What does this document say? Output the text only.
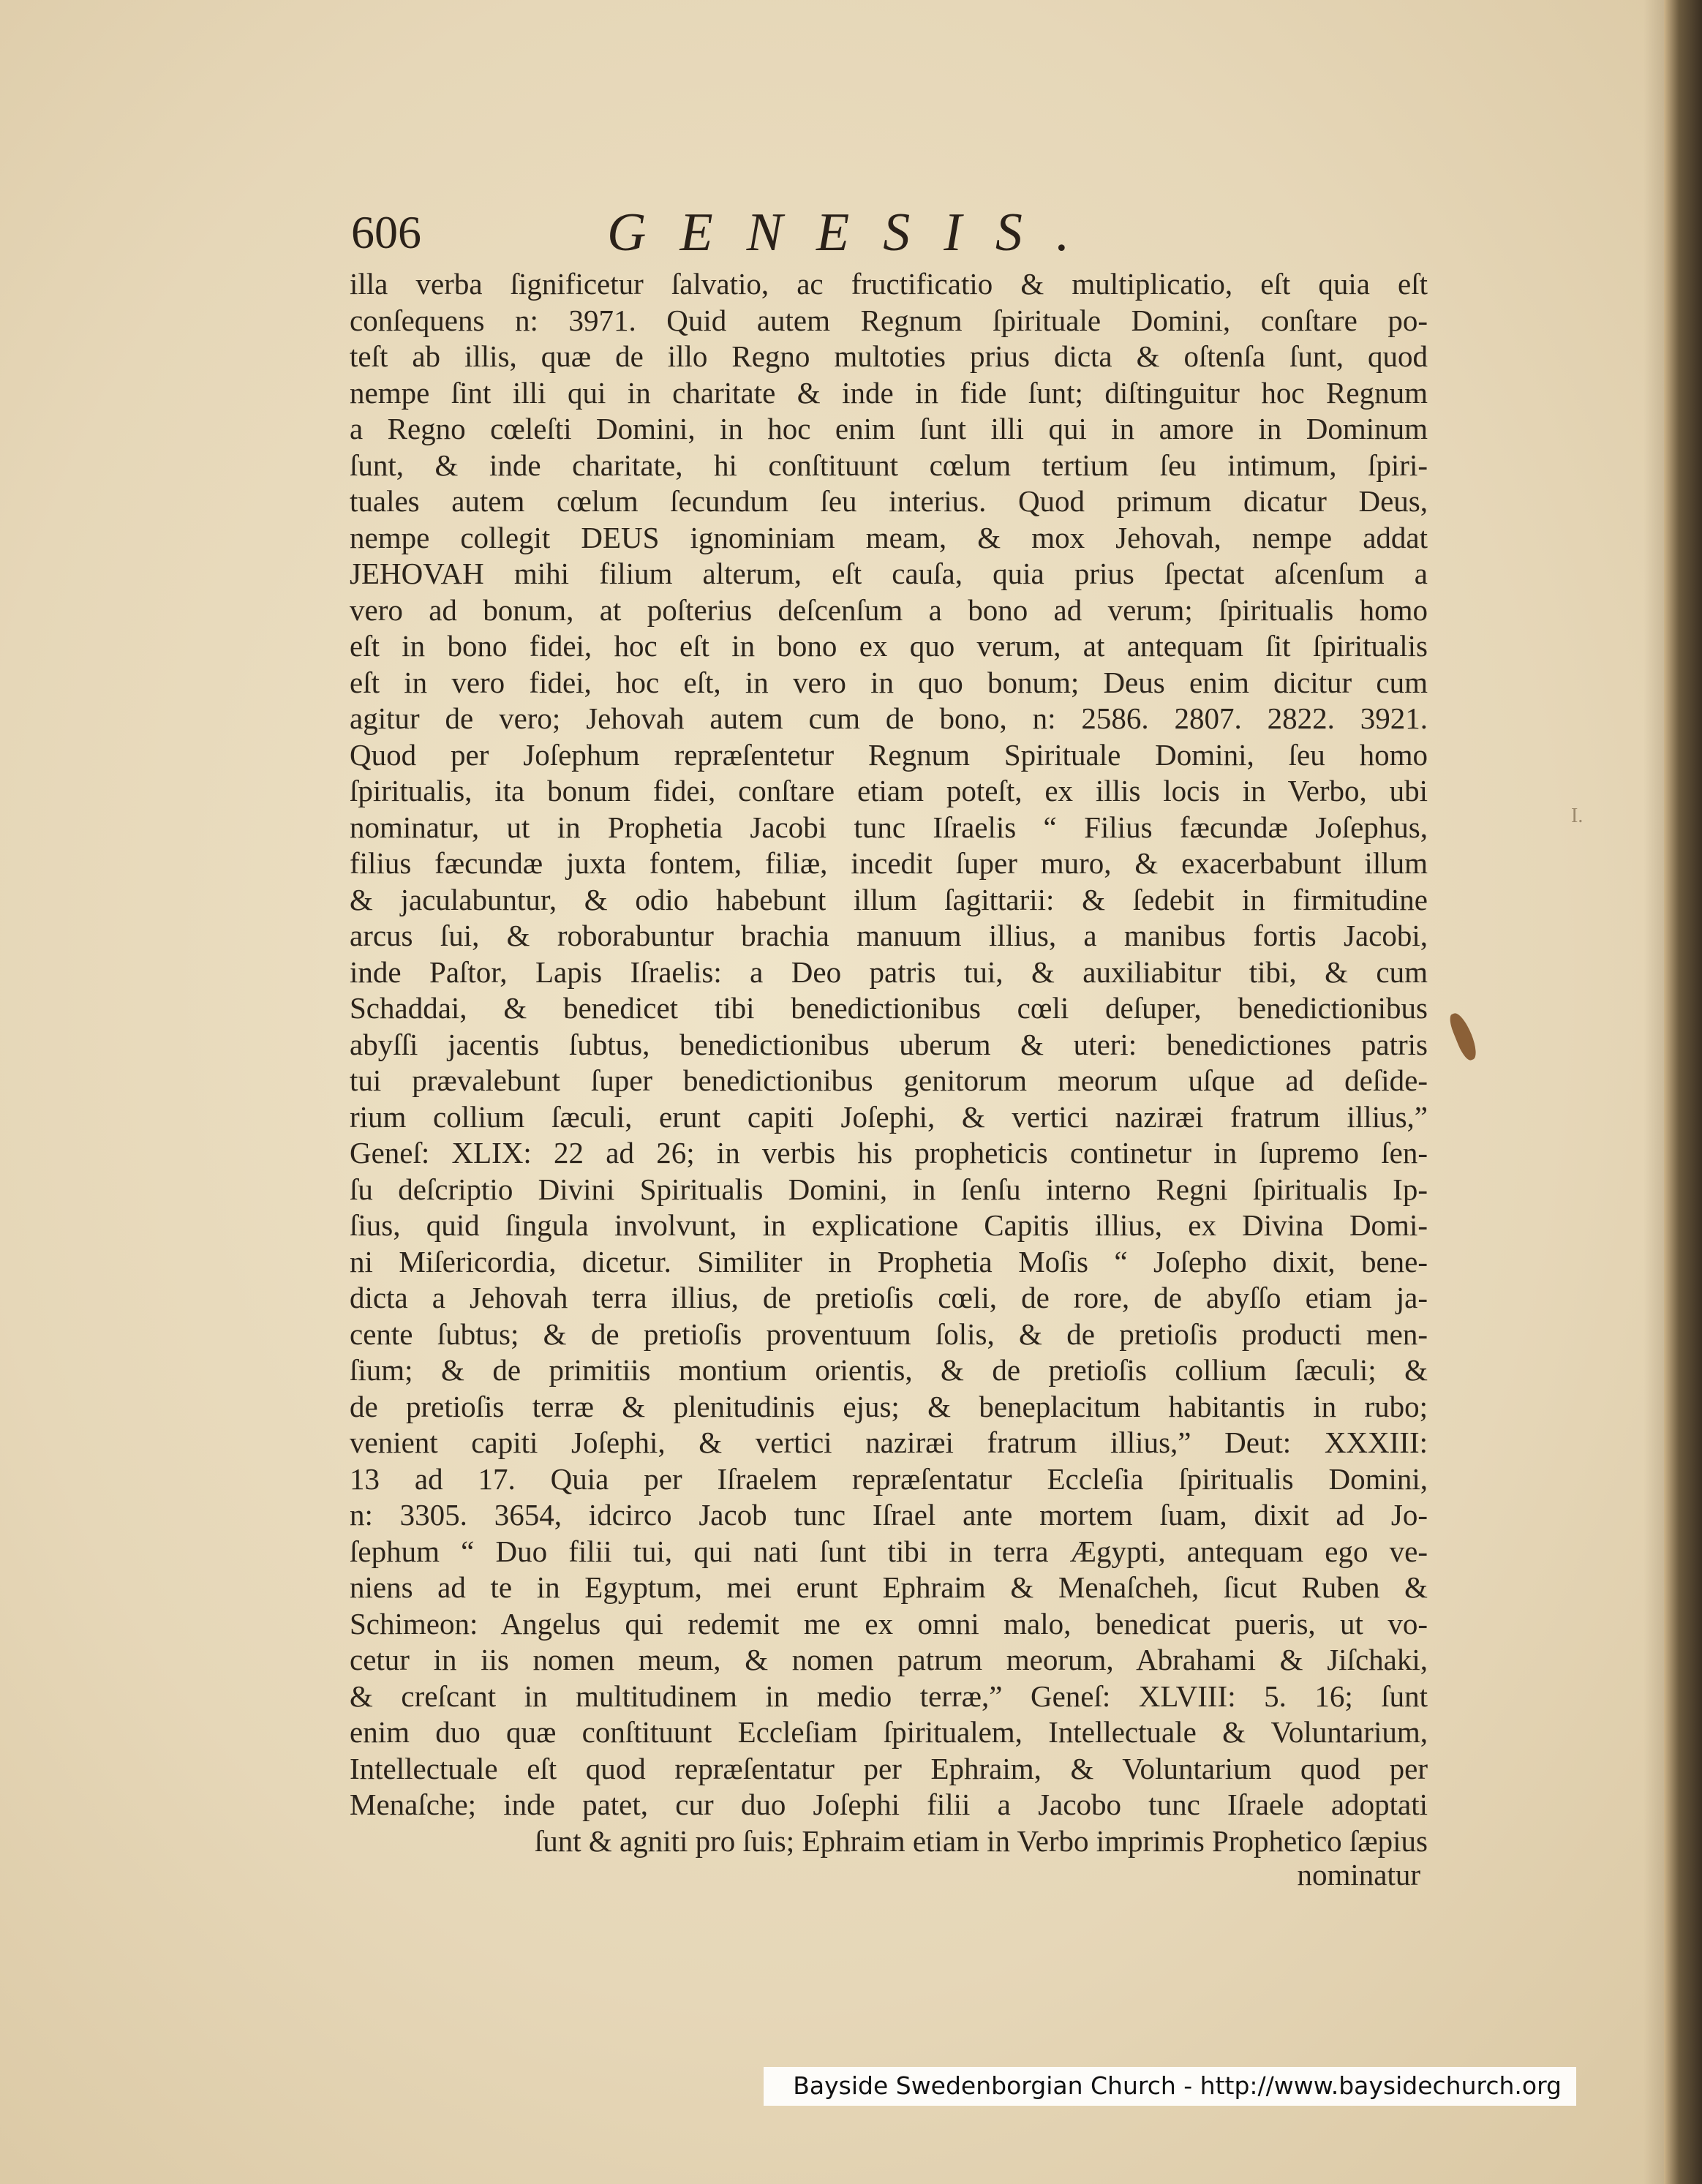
606	GENESIS.
illa verba ſignificetur ſalvatio, ac fructificatio & multiplicatio, eſt quia eſt
conſequens n: 3971. Quid autem Regnum ſpirituale Domini, conſtare po-
teſt ab illis, quæ de illo Regno multoties prius dicta & oſtenſa ſunt, quod
nempe ſint illi qui in charitate & inde in fide ſunt; diſtinguitur hoc Regnum
a Regno cœleſti Domini, in hoc enim ſunt illi qui in amore in Dominum
ſunt, & inde charitate, hi conſtituunt cœlum tertium ſeu intimum, ſpiri-
tuales autem cœlum ſecundum ſeu interius. Quod primum dicatur Deus,
nempe collegit DEUS ignominiam meam, & mox Jehovah, nempe addat
JEHOVAH mihi filium alterum, eſt cauſa, quia prius ſpectat aſcenſum a
vero ad bonum, at poſterius deſcenſum a bono ad verum; ſpiritualis homo
eſt in bono fidei, hoc eſt in bono ex quo verum, at antequam ſit ſpiritualis
eſt in vero fidei, hoc eſt, in vero in quo bonum; Deus enim dicitur cum
agitur de vero; Jehovah autem cum de bono, n: 2586. 2807. 2822. 3921.
Quod per Joſephum repræſentetur Regnum Spirituale Domini, ſeu homo
ſpiritualis, ita bonum fidei, conſtare etiam poteſt, ex illis locis in Verbo, ubi
nominatur, ut in Prophetia Jacobi tunc Iſraelis “ Filius fæcundæ Joſephus,
filius fæcundæ juxta fontem, filiæ, incedit ſuper muro, & exacerbabunt illum
& jaculabuntur, & odio habebunt illum ſagittarii: & ſedebit in firmitudine
arcus ſui, & roborabuntur brachia manuum illius, a manibus fortis Jacobi,
inde Paſtor, Lapis Iſraelis: a Deo patris tui, & auxiliabitur tibi, & cum
Schaddai, & benedicet tibi benedictionibus cœli deſuper, benedictionibus
abyſſi jacentis ſubtus, benedictionibus uberum & uteri: benedictiones patris
tui prævalebunt ſuper benedictionibus genitorum meorum uſque ad deſide-
rium collium ſæculi, erunt capiti Joſephi, & vertici naziræi fratrum illius,”
Geneſ: XLIX: 22 ad 26; in verbis his propheticis continetur in ſupremo ſen-
ſu deſcriptio Divini Spiritualis Domini, in ſenſu interno Regni ſpiritualis Ip-
ſius, quid ſingula involvunt, in explicatione Capitis illius, ex Divina Domi-
ni Miſericordia, dicetur. Similiter in Prophetia Moſis “ Joſepho dixit, bene-
dicta a Jehovah terra illius, de pretioſis cœli, de rore, de abyſſo etiam ja-
cente ſubtus; & de pretioſis proventuum ſolis, & de pretioſis producti men-
ſium; & de primitiis montium orientis, & de pretioſis collium ſæculi; &
de pretioſis terræ & plenitudinis ejus; & beneplacitum habitantis in rubo;
venient capiti Joſephi, & vertici naziræi fratrum illius,” Deut: XXXIII:
13 ad 17. Quia per Iſraelem repræſentatur Eccleſia ſpiritualis Domini,
n: 3305. 3654, idcirco Jacob tunc Iſrael ante mortem ſuam, dixit ad Jo-
ſephum “ Duo filii tui, qui nati ſunt tibi in terra Ægypti, antequam ego ve-
niens ad te in Egyptum, mei erunt Ephraim & Menaſcheh, ſicut Ruben &
Schimeon: Angelus qui redemit me ex omni malo, benedicat pueris, ut vo-
cetur in iis nomen meum, & nomen patrum meorum, Abrahami & Jiſchaki,
& creſcant in multitudinem in medio terræ,” Geneſ: XLVIII: 5. 16; ſunt
enim duo quæ conſtituunt Eccleſiam ſpiritualem, Intellectuale & Voluntarium,
Intellectuale eſt quod repræſentatur per Ephraim, & Voluntarium quod per
Menaſche; inde patet, cur duo Joſephi filii a Jacobo tunc Iſraele adoptati
ſunt & agniti pro ſuis; Ephraim etiam in Verbo imprimis Prophetico ſæpius
nominatur
I.
Bayside Swedenborgian Church - http://www.baysidechurch.org
